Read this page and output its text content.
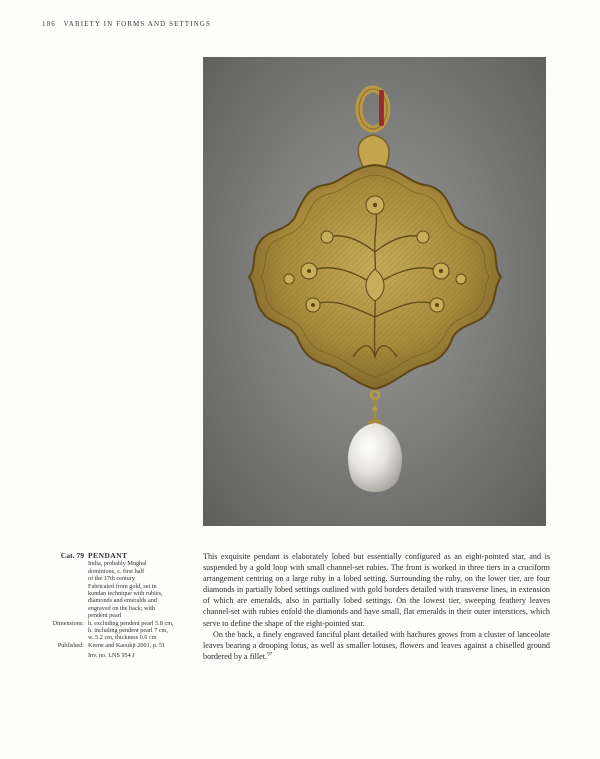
186 VARIETY IN FORMS AND SETTINGS
Cat. 79 PENDANT
India, probably Mughal
dominions, c. first half
of the 17th century
Fabricated from gold, set in
kundan technique with rubies,
diamonds and emeralds and
engraved on the back; with
pendent pearl
Dimensions: h. excluding pendent pearl 5.8 cm,
h. including pendent pearl 7 cm,
w. 5.2 cm, thickness 0.6 cm
Published: Keene and Kaoukji 2001, p. 51
Inv. no. LNS 954 J

This exquisite pendant is elaborately lobed but essentially configured as an eight-pointed star, and is suspended by a gold loop with small channel-set rubies. The front is worked in three tiers in a cruciform arrangement centring on a large ruby in a lobed setting. Surrounding the ruby, on the lower tier, are four diamonds in partially lobed settings outlined with gold borders detailed with transverse lines, in extension of which are emeralds, also in partially lobed settings. On the lowest tier, sweeping feathery leaves channel-set with rubies enfold the diamonds and have small, flat emeralds in their outer interstices, which serve to define the shape of the eight-pointed star.

On the back, a finely engraved fanciful plant detailed with hachures grows from a cluster of lanceolate leaves bearing a drooping lotus, as well as smaller lotuses, flowers and leaves against a chiselled ground bordered by a fillet.$^{97}$
